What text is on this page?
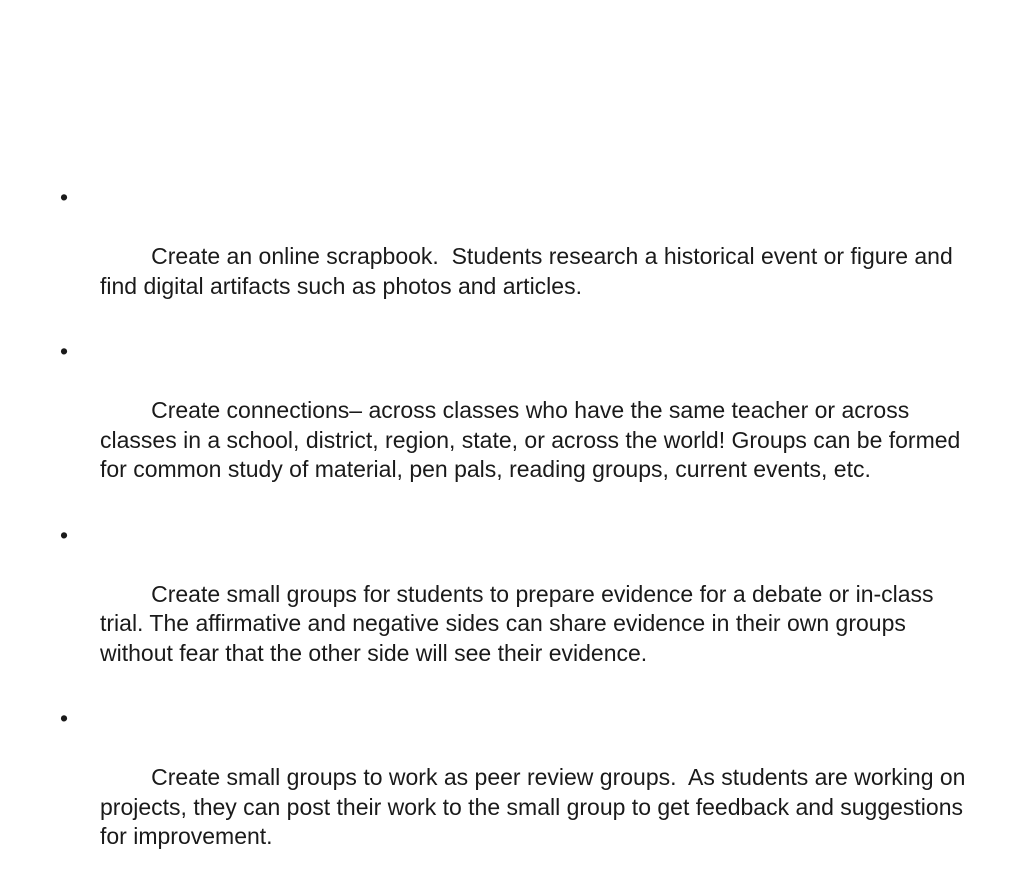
•

Create an online scrapbook.  Students research a historical event or figure and find digital artifacts such as photos and articles.

•

Create connections– across classes who have the same teacher or across classes in a school, district, region, state, or across the world! Groups can be formed for common study of material, pen pals, reading groups, current events, etc.

•

Create small groups for students to prepare evidence for a debate or in-class trial. The affirmative and negative sides can share evidence in their own groups without fear that the other side will see their evidence.

•

Create small groups to work as peer review groups.  As students are working on projects, they can post their work to the small group to get feedback and suggestions for improvement.
